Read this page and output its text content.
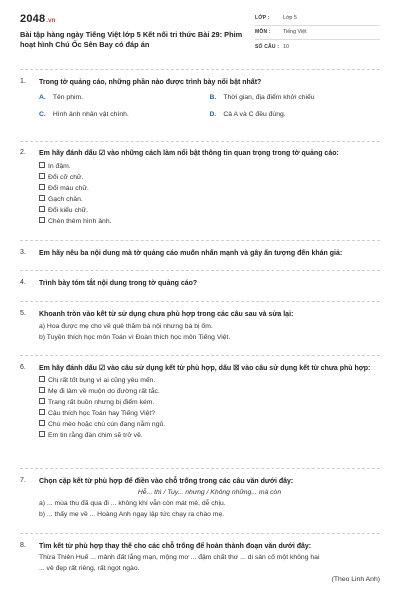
2048.vn
Bài tập hàng ngày Tiếng Việt lớp 5 Kết nối tri thức Bài 29: Phim hoạt hình Chú Ốc Sên Bay có đáp án
LỚP :	Lớp 5
MÔN :	Tiếng Việt
SỐ CÂU : 10
1.	Trong tờ quảng cáo, những phần nào được trình bày nổi bật nhất?
A. Tên phim.	B. Thời gian, địa điểm khởi chiếu
C. Hình ảnh nhân vật chính.	D. Cả A và C đều đúng.
2.	Em hãy đánh dấu ☑ vào những cách làm nổi bật thông tin quan trọng trong tờ quảng cáo:
In đậm.
Đổi cỡ chữ.
Đổi màu chữ.
Gạch chân.
Đổi kiểu chữ.
Chèn thêm hình ảnh.
3.	Em hãy nêu ba nội dung mà tờ quảng cáo muốn nhấn mạnh và gây ấn tượng đến khán giả:
4.	Trình bày tóm tắt nội dung trong tờ quảng cáo?
5.	Khoanh tròn vào kết từ sử dụng chưa phù hợp trong các câu sau và sửa lại:
a) Hoa được mẹ cho về quê thăm bà nội nhưng bà bị ốm.
b) Tuyền thích học môn Toán vì Đoàn thích học môn Tiếng Việt.
6.	Em hãy đánh dấu ☑ vào câu sử dụng kết từ phù hợp, dấu ☒ vào câu sử dụng kết từ chưa phù hợp:
Chị rất tốt bụng vì ai cũng yêu mến.
Mẹ đi làm về muộn do đường rất tắc.
Trang rất buồn nhưng bị điểm kém.
Cậu thích học Toán hay Tiếng Việt?
Chú mèo hoặc chú cún đang nằm ngủ.
Em tin rằng đàn chim sẽ trở về.
7.	Chọn cặp kết từ phù hợp để điền vào chỗ trống trong các câu văn dưới đây:
Hễ... thì / Tuy... nhưng / Không những... mà còn
a) ... mùa thu đã qua đi ... không khí vẫn còn mát mẻ, dễ chịu.
b) ... thấy mẹ về ... Hoàng Anh ngay lập tức chạy ra chào mẹ.
8.	Tìm kết từ phù hợp thay thế cho các chỗ trống để hoàn thành đoạn văn dưới đây:
Thừa Thiên Huế ... mảnh đất lắng mạn, mộng mơ ... đậm chất thơ ... di sản cố một không hai
... vẻ đẹp rất riêng, rất ngọt ngào.
(Theo Linh Anh)
